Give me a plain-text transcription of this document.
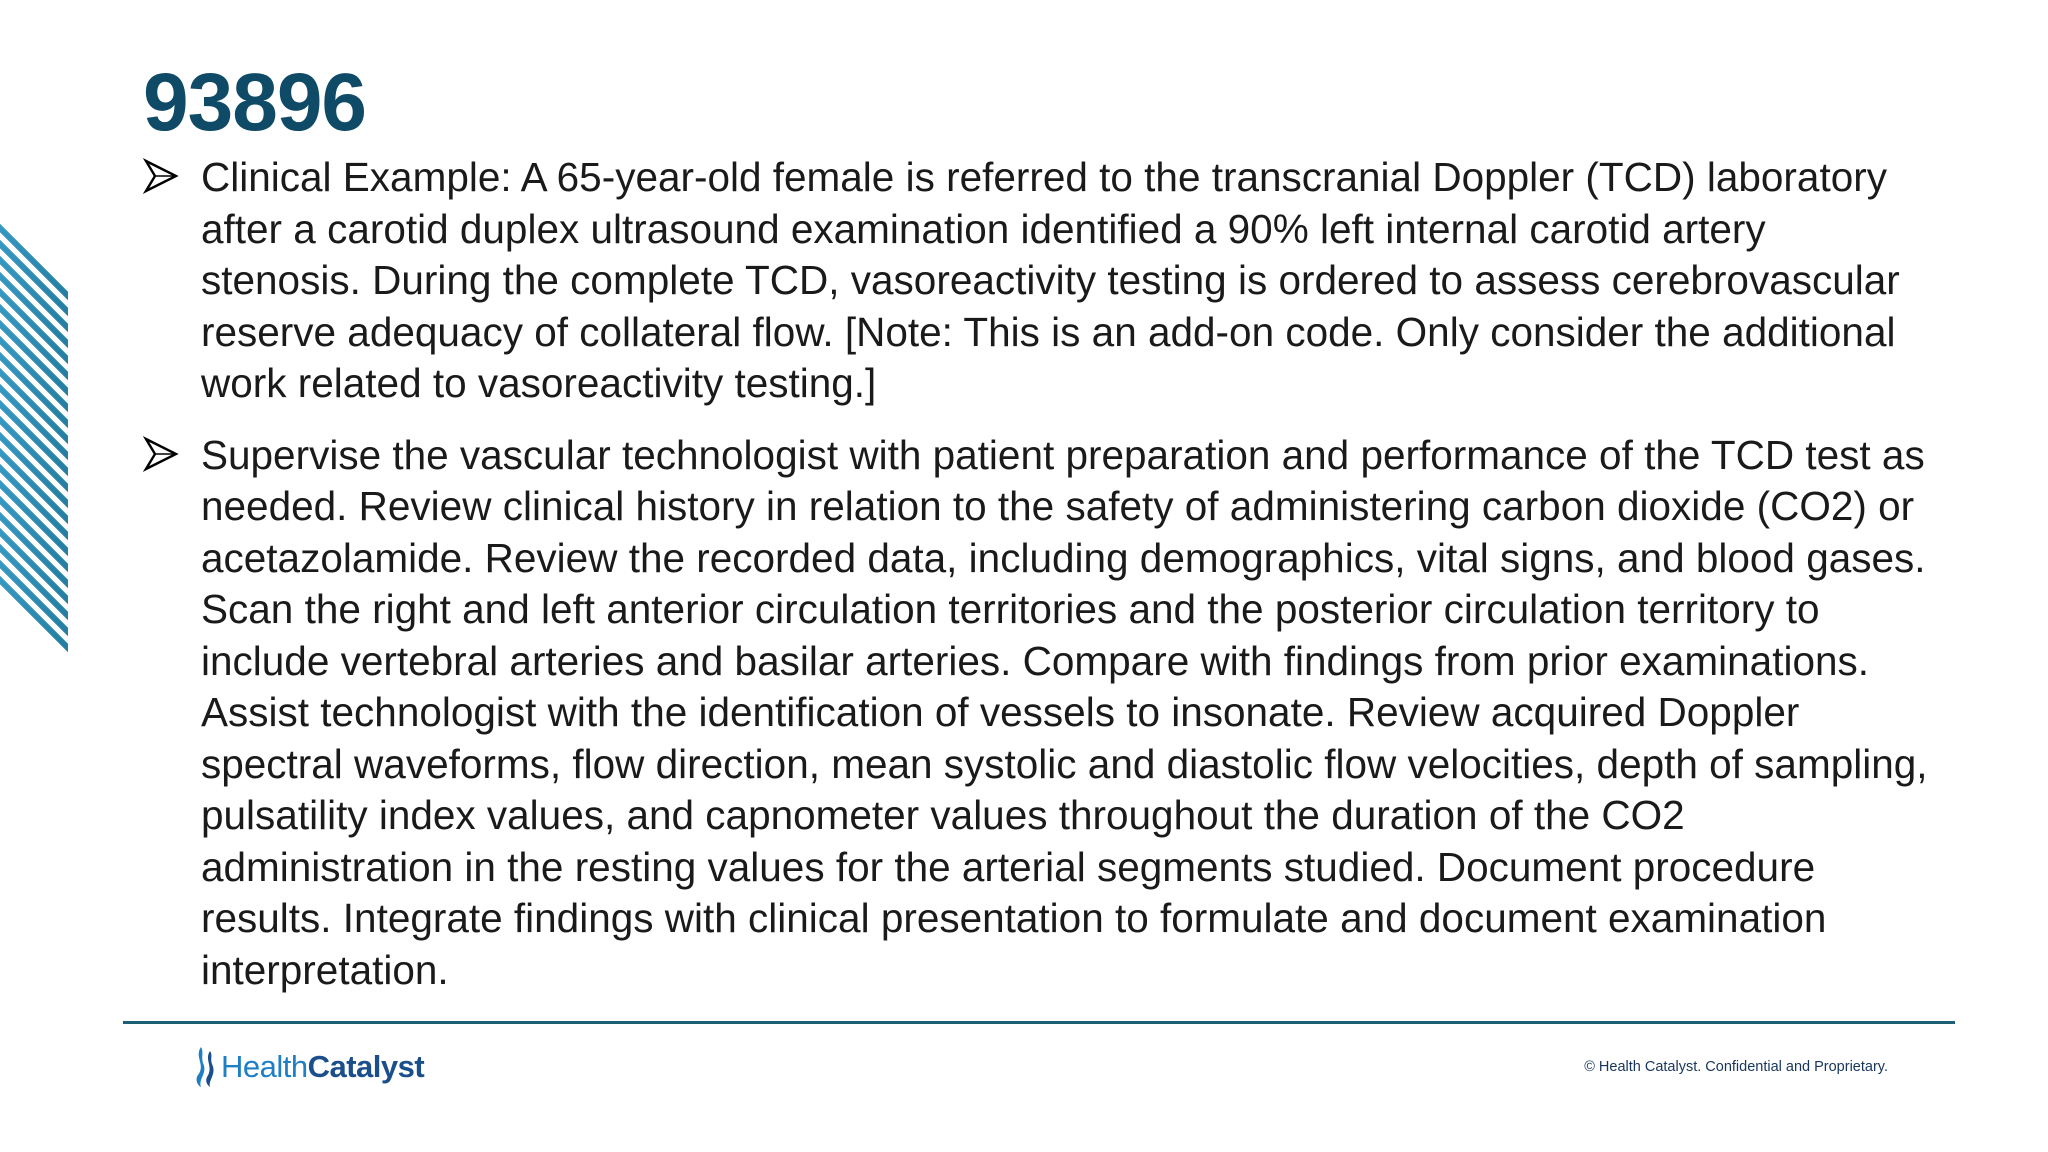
93896
Clinical Example: A 65-year-old female is referred to the transcranial Doppler (TCD) laboratory after a carotid duplex ultrasound examination identified a 90% left internal carotid artery stenosis. During the complete TCD, vasoreactivity testing is ordered to assess cerebrovascular reserve adequacy of collateral flow. [Note: This is an add-on code. Only consider the additional work related to vasoreactivity testing.]
Supervise the vascular technologist with patient preparation and performance of the TCD test as needed. Review clinical history in relation to the safety of administering carbon dioxide (CO2) or acetazolamide. Review the recorded data, including demographics, vital signs, and blood gases. Scan the right and left anterior circulation territories and the posterior circulation territory to include vertebral arteries and basilar arteries. Compare with findings from prior examinations. Assist technologist with the identification of vessels to insonate. Review acquired Doppler spectral waveforms, flow direction, mean systolic and diastolic flow velocities, depth of sampling, pulsatility index values, and capnometer values throughout the duration of the CO2 administration in the resting values for the arterial segments studied. Document procedure results. Integrate findings with clinical presentation to formulate and document examination interpretation.
HealthCatalyst	© Health Catalyst. Confidential and Proprietary.
